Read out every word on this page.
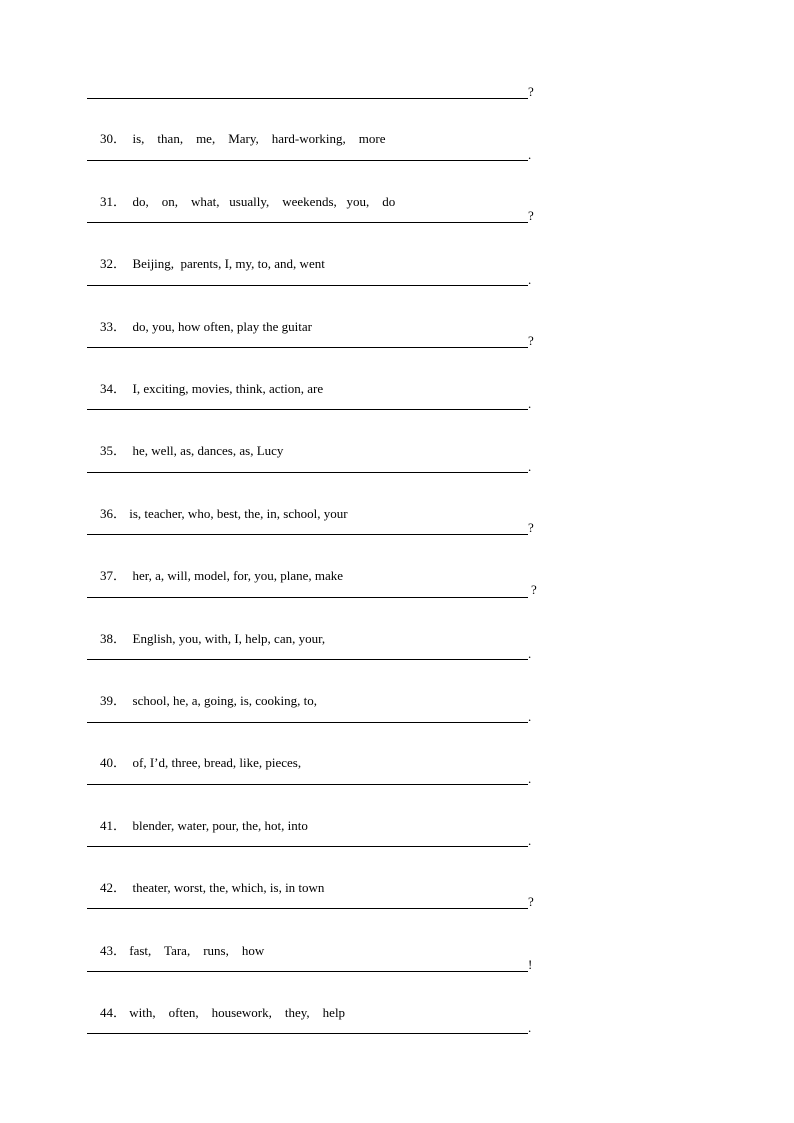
?

30．  is,    than,    me,    Mary,    hard-working,    more

.

31．  do,    on,    what,   usually,    weekends,   you,    do

?

32．  Beijing,  parents, I, my, to, and, went

.

33．  do, you, how often, play the guitar

?

34．  I, exciting, movies, think, action, are

.

35．  he, well, as, dances, as, Lucy

.

36． is, teacher, who, best, the, in, school, your

?

37．  her, a, will, model, for, you, plane, make

?

38．  English, you, with, I, help, can, your,

.

39．  school, he, a, going, is, cooking, to,

.

40．  of, I’d, three, bread, like, pieces,

.

41．  blender, water, pour, the, hot, into

.

42．  theater, worst, the, which, is, in town

?

43． fast,    Tara,    runs,    how

!

44． with,    often,    housework,    they,    help

.
